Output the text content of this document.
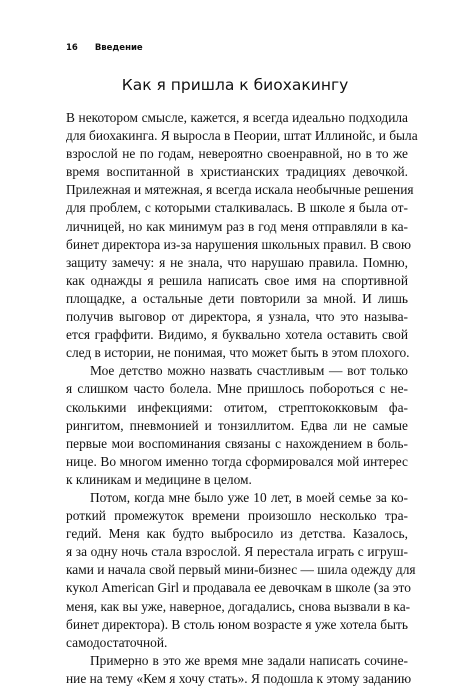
16 Введение
Как я пришла к биохакингу
В некотором смысле, кажется, я всегда идеально подходила
для биохакинга. Я выросла в Пеории, штат Иллинойс, и была
взрослой не по годам, невероятно своенравной, но в то же
время воспитанной в христианских традициях девочкой.
Прилежная и мятежная, я всегда искала необычные решения
для проблем, с которыми сталкивалась. В школе я была от-
личницей, но как минимум раз в год меня отправляли в ка-
бинет директора из-за нарушения школьных правил. В свою
защиту замечу: я не знала, что нарушаю правила. Помню,
как однажды я решила написать свое имя на спортивной
площадке, а остальные дети повторили за мной. И лишь
получив выговор от директора, я узнала, что это называ-
ется граффити. Видимо, я буквально хотела оставить свой
след в истории, не понимая, что может быть в этом плохого.
Мое детство можно назвать счастливым — вот только
я слишком часто болела. Мне пришлось побороться с не-
сколькими инфекциями: отитом, стрептококковым фа-
рингитом, пневмонией и тонзиллитом. Едва ли не самые
первые мои воспоминания связаны с нахождением в боль-
нице. Во многом именно тогда сформировался мой интерес
к клиникам и медицине в целом.
Потом, когда мне было уже 10 лет, в моей семье за ко-
роткий промежуток времени произошло несколько тра-
гедий. Меня как будто выбросило из детства. Казалось,
я за одну ночь стала взрослой. Я перестала играть с игруш-
ками и начала свой первый мини-бизнес — шила одежду для
кукол American Girl и продавала ее девочкам в школе (за это
меня, как вы уже, наверное, догадались, снова вызвали в ка-
бинет директора). В столь юном возрасте я уже хотела быть
самодостаточной.
Примерно в это же время мне задали написать сочине-
ние на тему «Кем я хочу стать». Я подошла к этому заданию
